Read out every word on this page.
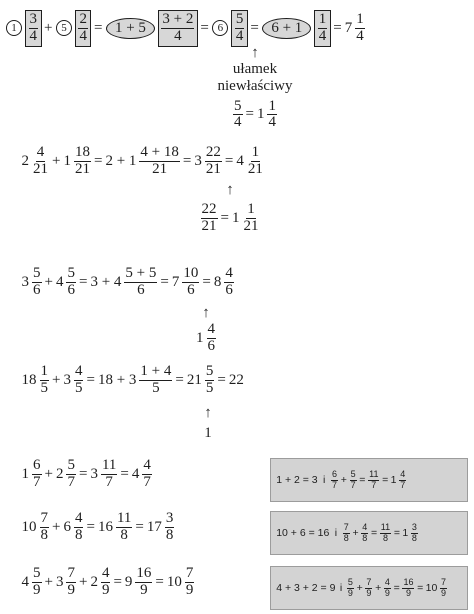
$1 \frac{3}{4} + 5 \frac{2}{4} = 1 + 5$	$\frac{3 + 2}{4} = 6 \frac{5}{4} = 6 + 1$	$\frac{1}{4} = 7 \frac{1}{4}$
↑
ułamek
niewłaściwy
$\frac{5}{4} = 1 \frac{1}{4}$
$2 \frac{4}{21} + 1 \frac{18}{21} = 2 + 1 \frac{4 + 18}{21} = 3 \frac{22}{21} = 4 \frac{1}{21}$
↑
$\frac{22}{21} = 1 \frac{1}{21}$
$3 \frac{5}{6} + 4 \frac{5}{6} = 3 + 4 \frac{5 + 5}{6} = 7 \frac{10}{6} = 8 \frac{4}{6}$
↑
$1 \frac{4}{6}$
$18 \frac{1}{5} + 3 \frac{4}{5} = 18 + 3 \frac{1 + 4}{5} = 21 \frac{5}{5} = 22$
↑
1
$1 \frac{6}{7} + 2 \frac{5}{7} = 3 \frac{11}{7} = 4 \frac{4}{7}$
$10 \frac{7}{8} + 6 \frac{4}{8} = 16 \frac{11}{8} = 17 \frac{3}{8}$
$4 \frac{5}{9} + 3 \frac{7}{9} + 2 \frac{4}{9} = 9 \frac{16}{9} = 10 \frac{7}{9}$
1 + 2 = 3 i $\frac{6}{7} + \frac{5}{7} = \frac{11}{7} = 1 \frac{4}{7}$
10 + 6 = 16 i $\frac{7}{8} + \frac{4}{8} = \frac{11}{8} = 1 \frac{3}{8}$
4 + 3 + 2 = 9 i $\frac{5}{9} + \frac{7}{9} + \frac{4}{9} = \frac{16}{9} = 10 \frac{7}{9}$
